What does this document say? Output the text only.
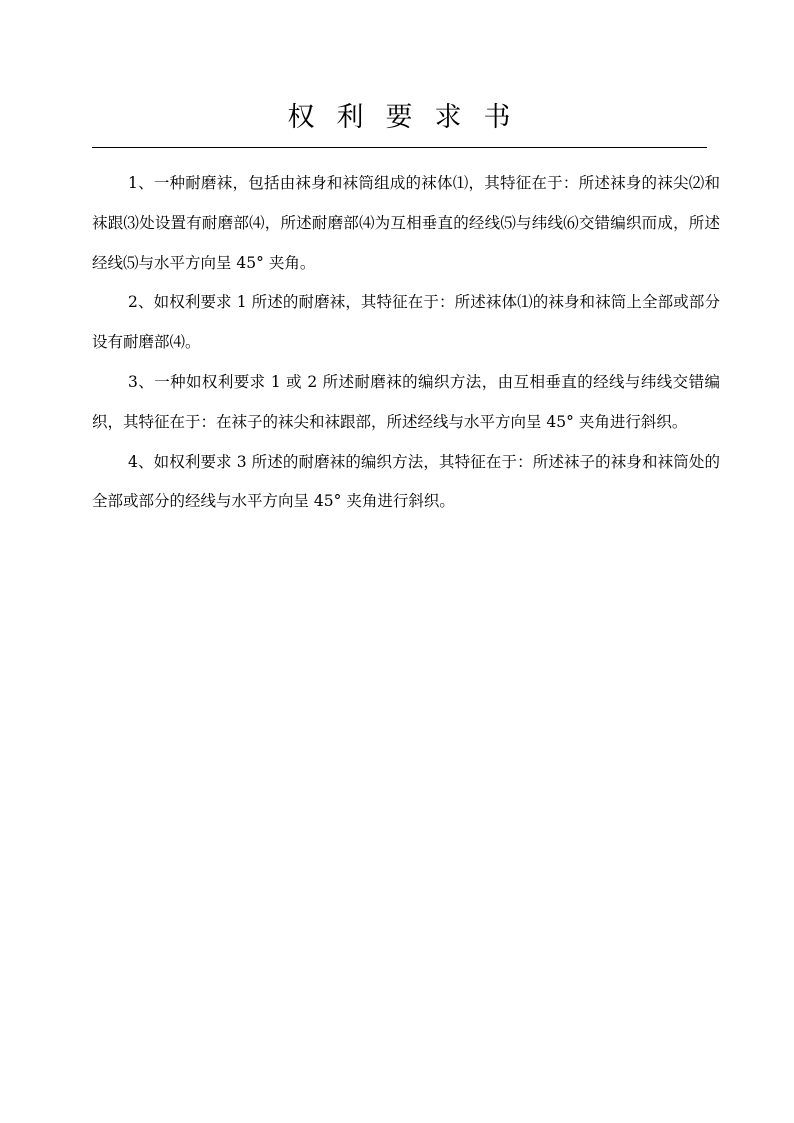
权利要求书

1、一种耐磨袜，包括由袜身和袜筒组成的袜体⑴，其特征在于：所述袜身的袜尖⑵和袜跟⑶处设置有耐磨部⑷，所述耐磨部⑷为互相垂直的经线⑸与纬线⑹交错编织而成，所述经线⑸与水平方向呈 45° 夹角。

2、如权利要求 1 所述的耐磨袜，其特征在于：所述袜体⑴的袜身和袜筒上全部或部分设有耐磨部⑷。

3、一种如权利要求 1 或 2 所述耐磨袜的编织方法，由互相垂直的经线与纬线交错编织，其特征在于：在袜子的袜尖和袜跟部，所述经线与水平方向呈 45° 夹角进行斜织。

4、如权利要求 3 所述的耐磨袜的编织方法，其特征在于：所述袜子的袜身和袜筒处的全部或部分的经线与水平方向呈 45° 夹角进行斜织。
